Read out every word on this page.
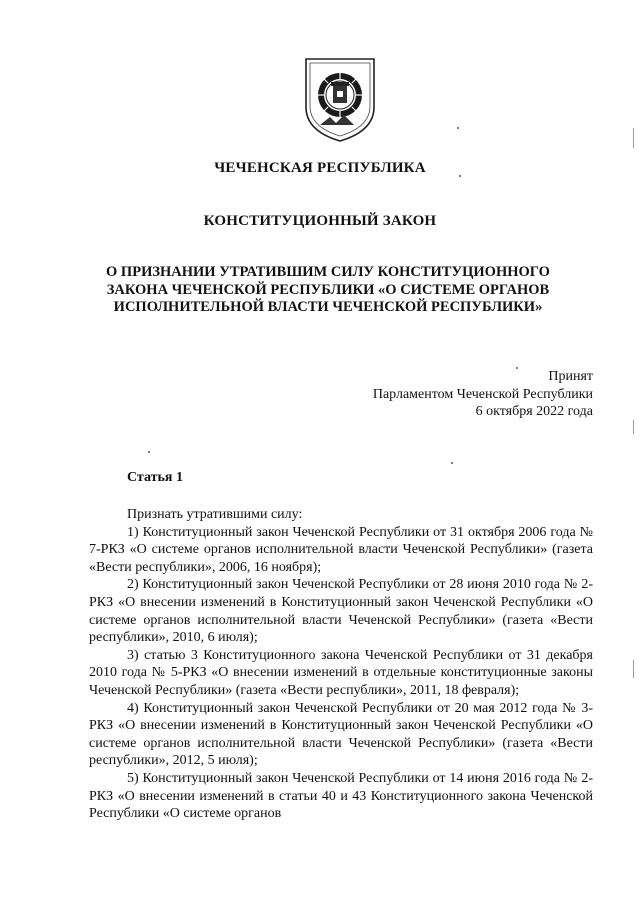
ЧЕЧЕНСКАЯ РЕСПУБЛИКА
КОНСТИТУЦИОННЫЙ ЗАКОН
О ПРИЗНАНИИ УТРАТИВШИМ СИЛУ КОНСТИТУЦИОННОГО
ЗАКОНА ЧЕЧЕНСКОЙ РЕСПУБЛИКИ «О СИСТЕМЕ ОРГАНОВ
ИСПОЛНИТЕЛЬНОЙ ВЛАСТИ ЧЕЧЕНСКОЙ РЕСПУБЛИКИ»
Принят
Парламентом Чеченской Республики
6 октября 2022 года
Статья 1

Признать утратившими силу:

1) Конституционный закон Чеченской Республики от 31 октября 2006 года № 7-РКЗ «О системе органов исполнительной власти Чеченской Республики» (газета «Вести республики», 2006, 16 ноября);

2) Конституционный закон Чеченской Республики от 28 июня 2010 года № 2-РКЗ «О внесении изменений в Конституционный закон Чеченской Республики «О системе органов исполнительной власти Чеченской Республики» (газета «Вести республики», 2010, 6 июля);

3) статью 3 Конституционного закона Чеченской Республики от 31 декабря 2010 года № 5-РКЗ «О внесении изменений в отдельные конституционные законы Чеченской Республики» (газета «Вести республики», 2011, 18 февраля);

4) Конституционный закон Чеченской Республики от 20 мая 2012 года № 3-РКЗ «О внесении изменений в Конституционный закон Чеченской Республики «О системе органов исполнительной власти Чеченской Республики» (газета «Вести республики», 2012, 5 июля);

5) Конституционный закон Чеченской Республики от 14 июня 2016 года № 2-РКЗ «О внесении изменений в статьи 40 и 43 Конституционного закона Чеченской Республики «О системе органов
